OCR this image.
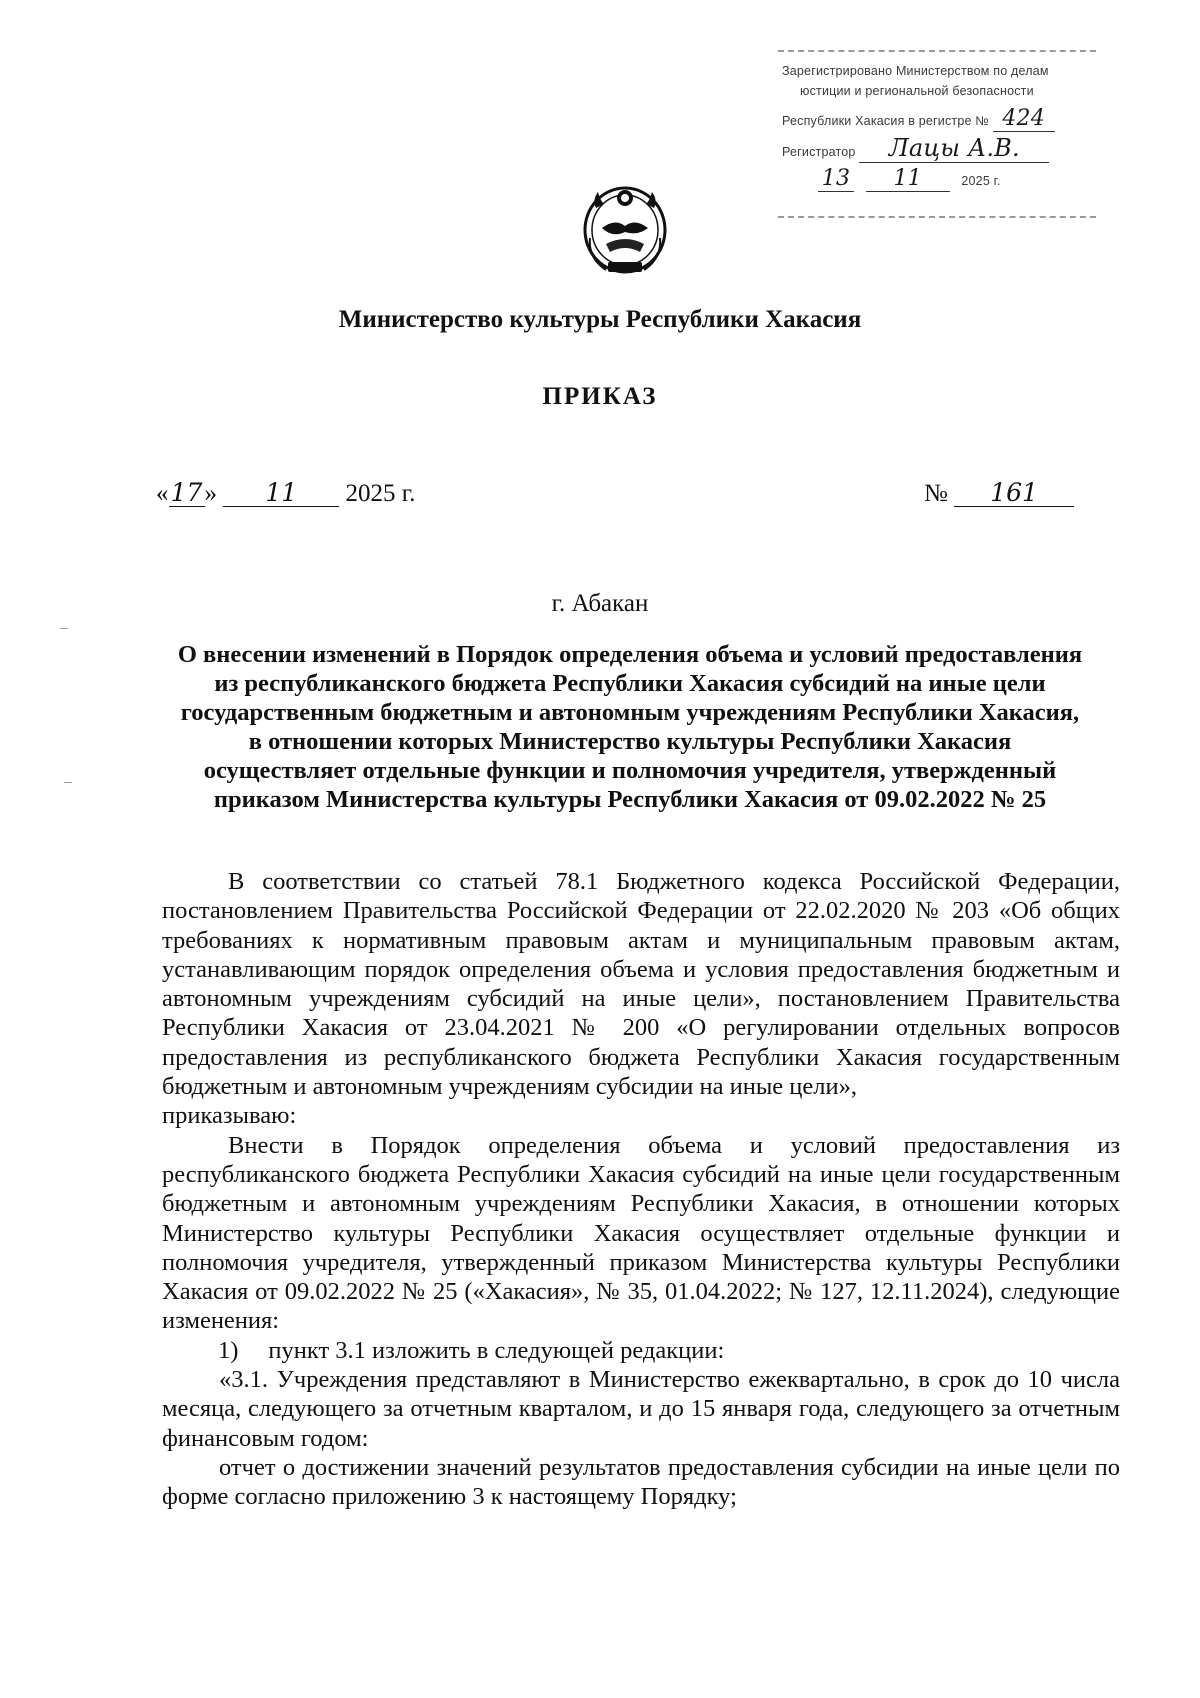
Зарегистрировано Министерством по делам
юстиции и региональной безопасности
Республики Хакасия в регистре № 424
Регистратор Лацы А.В.
13 11	2025 г.
Министерство культуры Республики Хакасия
ПРИКАЗ
«17» 11 2025 г.	№ 161
г. Абакан
О внесении изменений в Порядок определения объема и условий предоставления
из республиканского бюджета Республики Хакасия субсидий на иные цели
государственным бюджетным и автономным учреждениям Республики Хакасия,
в отношении которых Министерство культуры Республики Хакасия
осуществляет отдельные функции и полномочия учредителя, утвержденный
приказом Министерства культуры Республики Хакасия от 09.02.2022 № 25

В соответствии со статьей 78.1 Бюджетного кодекса Российской Федерации, постановлением Правительства Российской Федерации от 22.02.2020 № 203 «Об общих требованиях к нормативным правовым актам и муниципальным правовым актам, устанавливающим порядок определения объема и условия предоставления бюджетным и автономным учреждениям субсидий на иные цели», постановлением Правительства Республики Хакасия от 23.04.2021 № 200 «О регулировании отдельных вопросов предоставления из республиканского бюджета Республики Хакасия государственным бюджетным и автономным учреждениям субсидии на иные цели»,

приказываю:

Внести в Порядок определения объема и условий предоставления из республиканского бюджета Республики Хакасия субсидий на иные цели государственным бюджетным и автономным учреждениям Республики Хакасия, в отношении которых Министерство культуры Республики Хакасия осуществляет отдельные функции и полномочия учредителя, утвержденный приказом Министерства культуры Республики Хакасия от 09.02.2022 № 25 («Хакасия», № 35, 01.04.2022; № 127, 12.11.2024), следующие изменения:

1) пункт 3.1 изложить в следующей редакции:

«3.1. Учреждения представляют в Министерство ежеквартально, в срок до 10 числа месяца, следующего за отчетным кварталом, и до 15 января года, следующего за отчетным финансовым годом:

отчет о достижении значений результатов предоставления субсидии на иные цели по форме согласно приложению 3 к настоящему Порядку;
